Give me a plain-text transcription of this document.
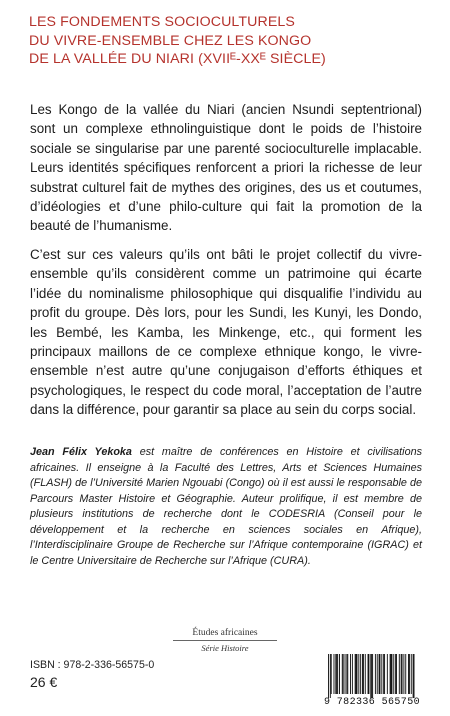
LES FONDEMENTS SOCIOCULTURELS
DU VIVRE-ENSEMBLE CHEZ LES KONGO
DE LA VALLÉE DU NIARI (XVIIᴱ-XXᴱ SIÈCLE)

Les Kongo de la vallée du Niari (ancien Nsundi septentrional) sont un complexe ethnolinguistique dont le poids de l’histoire sociale se singularise par une parenté socioculturelle implacable. Leurs identités spécifiques renforcent a priori la richesse de leur substrat culturel fait de mythes des origines, des us et coutumes, d’idéologies et d’une philo-culture qui fait la promotion de la beauté de l’humanisme.

C’est sur ces valeurs qu’ils ont bâti le projet collectif du vivre-ensemble qu’ils considèrent comme un patrimoine qui écarte l’idée du nominalisme philosophique qui disqualifie l’individu au profit du groupe. Dès lors, pour les Sundi, les Kunyi, les Dondo, les Bembé, les Kamba, les Minkenge, etc., qui forment les principaux maillons de ce complexe ethnique kongo, le vivre-ensemble n’est autre qu’une conjugaison d’efforts éthiques et psychologiques, le respect du code moral, l’acceptation de l’autre dans la différence, pour garantir sa place au sein du corps social.

Jean Félix Yekoka est maître de conférences en Histoire et civilisations africaines. Il enseigne à la Faculté des Lettres, Arts et Sciences Humaines (FLASH) de l’Université Marien Ngouabi (Congo) où il est aussi le responsable de Parcours Master Histoire et Géographie. Auteur prolifique, il est membre de plusieurs institutions de recherche dont le CODESRIA (Conseil pour le développement et la recherche en sciences sociales en Afrique), l’Interdisciplinaire Groupe de Recherche sur l’Afrique contemporaine (IGRAC) et le Centre Universitaire de Recherche sur l’Afrique (CURA).

Études africaines
Série Histoire
ISBN : 978-2-336-56575-0
26 €
9 782336 565750
